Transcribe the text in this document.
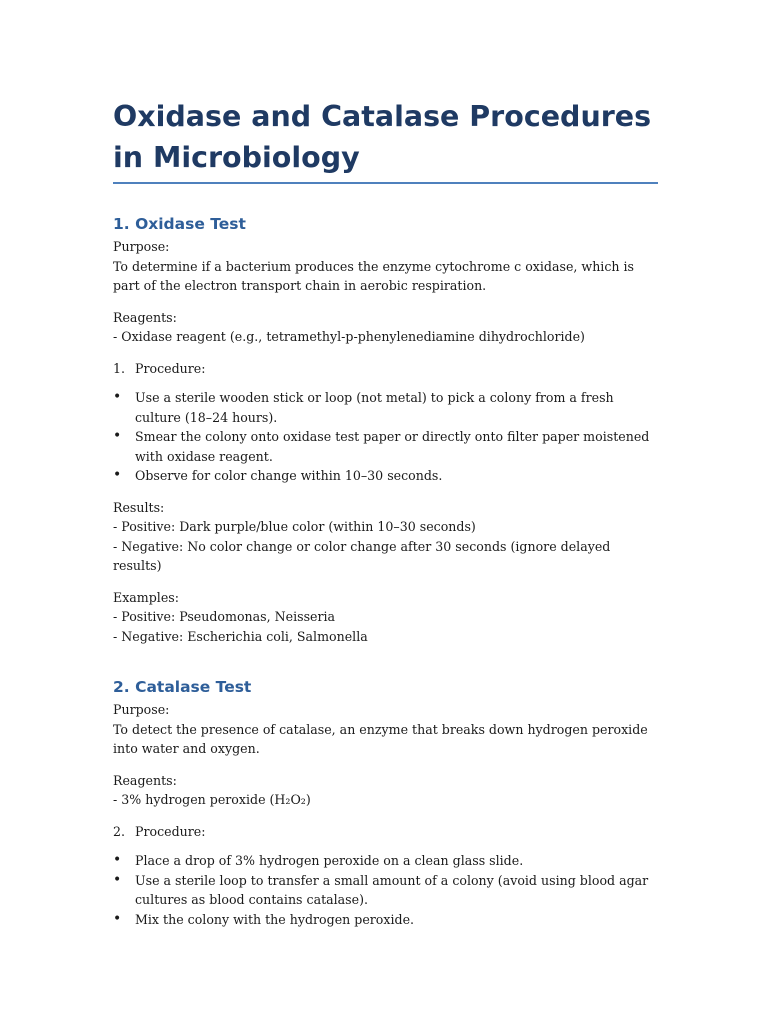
Oxidase and Catalase Procedures in Microbiology
1. Oxidase Test

Purpose:

To determine if a bacterium produces the enzyme cytochrome c oxidase, which is part of the electron transport chain in aerobic respiration.

Reagents:

- Oxidase reagent (e.g., tetramethyl-p-phenylenediamine dihydrochloride)

1. Procedure:
•	Use a sterile wooden stick or loop (not metal) to pick a colony from a fresh culture (18–24 hours).
•	Smear the colony onto oxidase test paper or directly onto filter paper moistened with oxidase reagent.
•	Observe for color change within 10–30 seconds.

Results:

- Positive: Dark purple/blue color (within 10–30 seconds)

- Negative: No color change or color change after 30 seconds (ignore delayed results)

Examples:

- Positive: Pseudomonas, Neisseria

- Negative: Escherichia coli, Salmonella

2. Catalase Test

Purpose:

To detect the presence of catalase, an enzyme that breaks down hydrogen peroxide into water and oxygen.

Reagents:

- 3% hydrogen peroxide (H₂O₂)

2. Procedure:
•	Place a drop of 3% hydrogen peroxide on a clean glass slide.
•	Use a sterile loop to transfer a small amount of a colony (avoid using blood agar cultures as blood contains catalase).
•	Mix the colony with the hydrogen peroxide.
